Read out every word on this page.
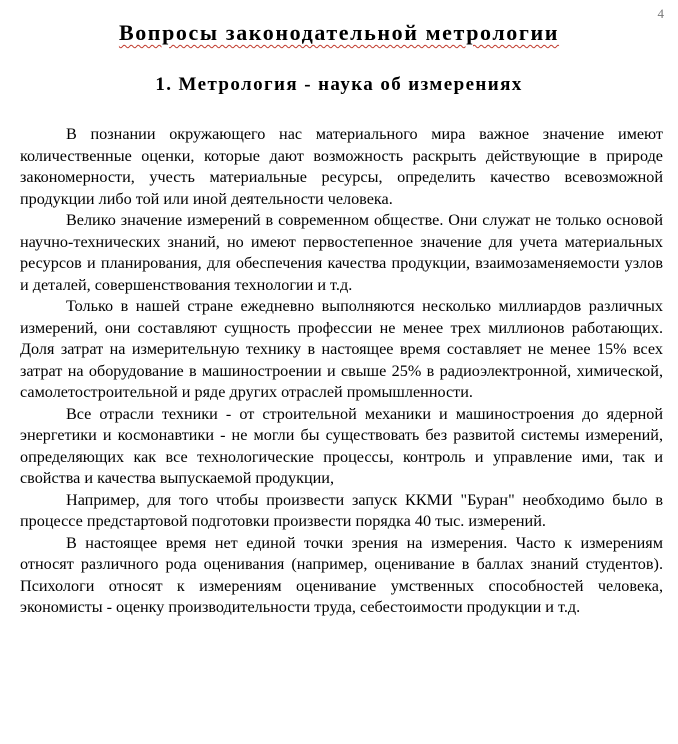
4
Вопросы законодательной метрологии
1. Метрология - наука об измерениях

В познании окружающего нас материального мира важное значение имеют количественные оценки, которые дают возможность раскрыть действующие в природе закономерности, учесть материальные ресурсы, определить качество всевозможной продукции либо той или иной деятельности человека.

Велико значение измерений в современном обществе. Они служат не только основой научно-технических знаний, но имеют первостепенное значение для учета материальных ресурсов и планирования, для обеспечения качества продукции, взаимозаменяемости узлов и деталей, совершенствования технологии и т.д.

Только в нашей стране ежедневно выполняются несколько миллиардов различных измерений, они составляют сущность профессии не менее трех миллионов работающих. Доля затрат на измерительную технику в настоящее время составляет не менее 15% всех затрат на оборудование в машиностроении и свыше 25% в радиоэлектронной, химической, самолетостроительной и ряде других отраслей промышленности.

Все отрасли техники - от строительной механики и машиностроения до ядерной энергетики и космонавтики - не могли бы существовать без развитой системы измерений, определяющих как все технологические процессы, контроль и управление ими, так и свойства и качества выпускаемой продукции,

Например, для того чтобы произвести запуск ККМИ "Буран" необходимо было в процессе предстартовой подготовки произвести порядка 40 тыс. измерений.

В настоящее время нет единой точки зрения на измерения. Часто к измерениям относят различного рода оценивания (например, оценивание в баллах знаний студентов). Психологи относят к измерениям оценивание умственных способностей человека, экономисты - оценку производительности труда, себестоимости продукции и т.д.
